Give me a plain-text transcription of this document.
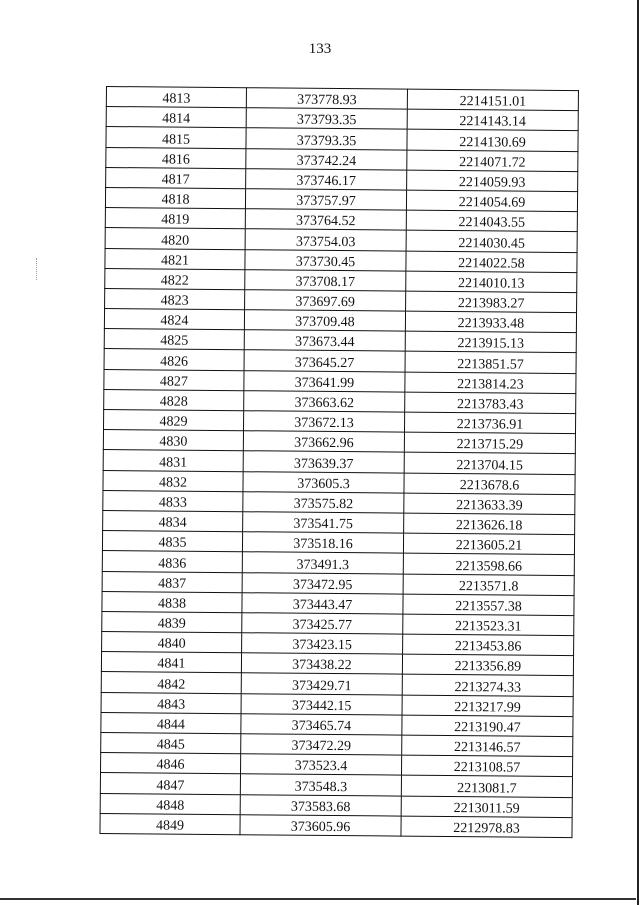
133
4813	373778.93	2214151.01
4814	373793.35	2214143.14
4815	373793.35	2214130.69
4816	373742.24	2214071.72
4817	373746.17	2214059.93
4818	373757.97	2214054.69
4819	373764.52	2214043.55
4820	373754.03	2214030.45
4821	373730.45	2214022.58
4822	373708.17	2214010.13
4823	373697.69	2213983.27
4824	373709.48	2213933.48
4825	373673.44	2213915.13
4826	373645.27	2213851.57
4827	373641.99	2213814.23
4828	373663.62	2213783.43
4829	373672.13	2213736.91
4830	373662.96	2213715.29
4831	373639.37	2213704.15
4832	373605.3	2213678.6
4833	373575.82	2213633.39
4834	373541.75	2213626.18
4835	373518.16	2213605.21
4836	373491.3	2213598.66
4837	373472.95	2213571.8
4838	373443.47	2213557.38
4839	373425.77	2213523.31
4840	373423.15	2213453.86
4841	373438.22	2213356.89
4842	373429.71	2213274.33
4843	373442.15	2213217.99
4844	373465.74	2213190.47
4845	373472.29	2213146.57
4846	373523.4	2213108.57
4847	373548.3	2213081.7
4848	373583.68	2213011.59
4849	373605.96	2212978.83
